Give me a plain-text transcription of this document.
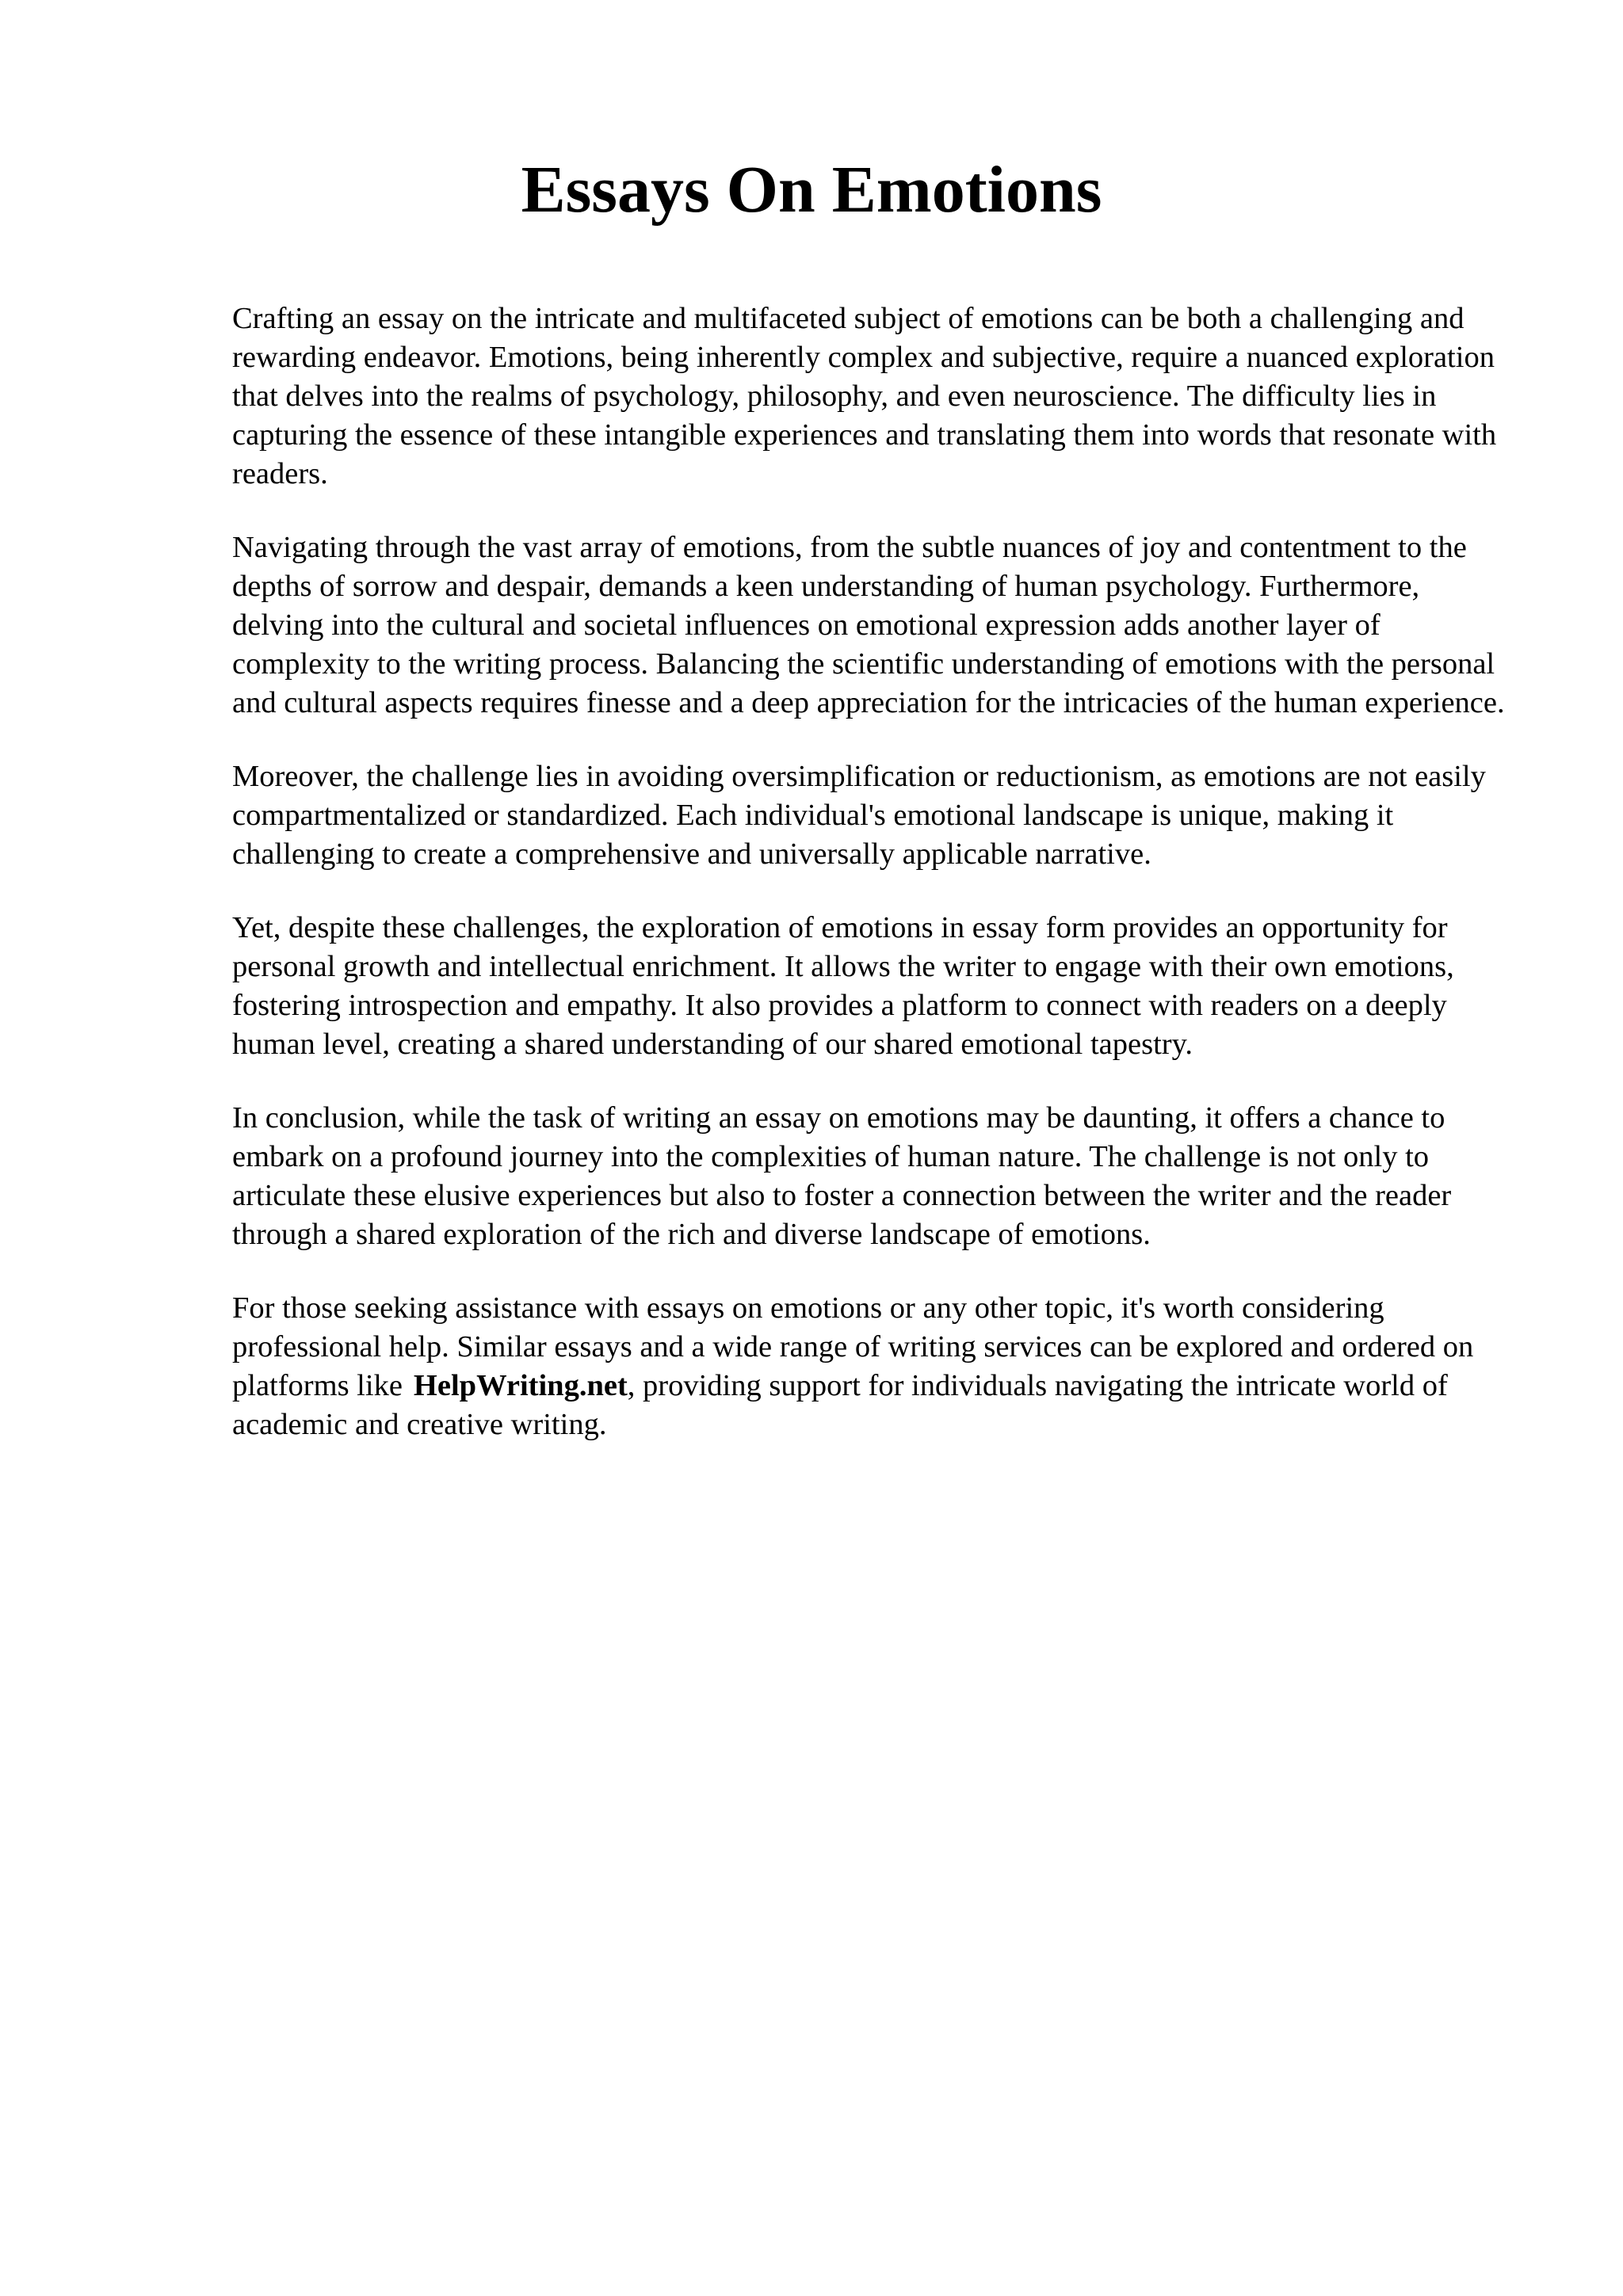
Essays On Emotions

Crafting an essay on the intricate and multifaceted subject of emotions can be both a challenging and rewarding endeavor. Emotions, being inherently complex and subjective, require a nuanced exploration that delves into the realms of psychology, philosophy, and even neuroscience. The difficulty lies in capturing the essence of these intangible experiences and translating them into words that resonate with readers.

Navigating through the vast array of emotions, from the subtle nuances of joy and contentment to the depths of sorrow and despair, demands a keen understanding of human psychology. Furthermore, delving into the cultural and societal influences on emotional expression adds another layer of complexity to the writing process. Balancing the scientific understanding of emotions with the personal and cultural aspects requires finesse and a deep appreciation for the intricacies of the human experience.

Moreover, the challenge lies in avoiding oversimplification or reductionism, as emotions are not easily compartmentalized or standardized. Each individual's emotional landscape is unique, making it challenging to create a comprehensive and universally applicable narrative.

Yet, despite these challenges, the exploration of emotions in essay form provides an opportunity for personal growth and intellectual enrichment. It allows the writer to engage with their own emotions, fostering introspection and empathy. It also provides a platform to connect with readers on a deeply human level, creating a shared understanding of our shared emotional tapestry.

In conclusion, while the task of writing an essay on emotions may be daunting, it offers a chance to embark on a profound journey into the complexities of human nature. The challenge is not only to articulate these elusive experiences but also to foster a connection between the writer and the reader through a shared exploration of the rich and diverse landscape of emotions.

For those seeking assistance with essays on emotions or any other topic, it's worth considering professional help. Similar essays and a wide range of writing services can be explored and ordered on platforms like HelpWriting.net, providing support for individuals navigating the intricate world of academic and creative writing.
